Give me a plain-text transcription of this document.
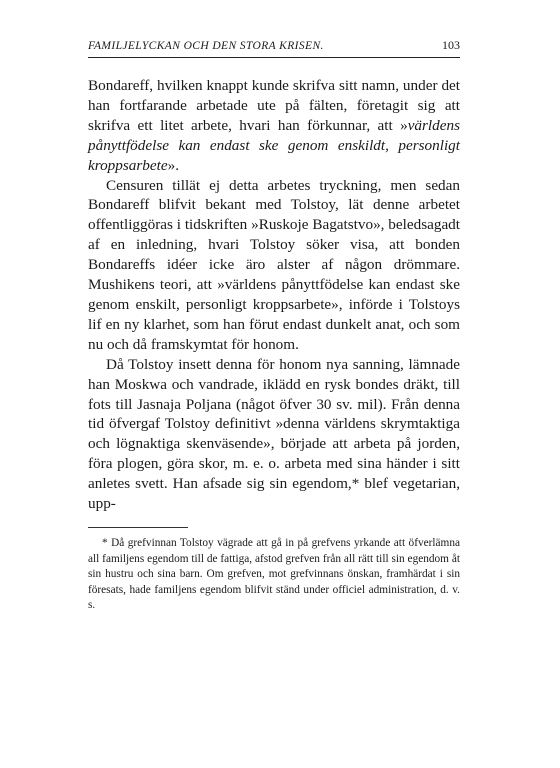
FAMILJELYCKAN OCH DEN STORA KRISEN.	103

Bondareff, hvilken knappt kunde skrifva sitt namn, under det han fortfarande arbetade ute på fälten, företagit sig att skrifva ett litet arbete, hvari han förkunnar, att »världens pånyttfödelse kan endast ske genom enskildt, personligt kroppsarbete».

Censuren tillät ej detta arbetes tryckning, men sedan Bondareff blifvit bekant med Tolstoy, lät denne arbetet offentliggöras i tidskriften »Ruskoje Bagatstvo», beledsagadt af en inledning, hvari Tolstoy söker visa, att bonden Bondareffs idéer icke äro alster af någon drömmare. Mushikens teori, att »världens pånyttfödelse kan endast ske genom enskilt, personligt kroppsarbete», införde i Tolstoys lif en ny klarhet, som han förut endast dunkelt anat, och som nu och då framskymtat för honom.

Då Tolstoy insett denna för honom nya sanning, lämnade han Moskwa och vandrade, iklädd en rysk bondes dräkt, till fots till Jasnaja Poljana (något öfver 30 sv. mil). Från denna tid öfvergaf Tolstoy definitivt »denna världens skrymtaktiga och lögnaktiga skenväsende», började att arbeta på jorden, föra plogen, göra skor, m. e. o. arbeta med sina händer i sitt anletes svett. Han afsade sig sin egendom,* blef vegetarian, upp-

* Då grefvinnan Tolstoy vägrade att gå in på grefvens yrkande att öfverlämna all familjens egendom till de fattiga, afstod grefven från all rätt till sin egendom åt sin hustru och sina barn. Om grefven, mot grefvinnans önskan, framhärdat i sin föresats, hade familjens egendom blifvit ständ under officiel administration, d. v. s.
